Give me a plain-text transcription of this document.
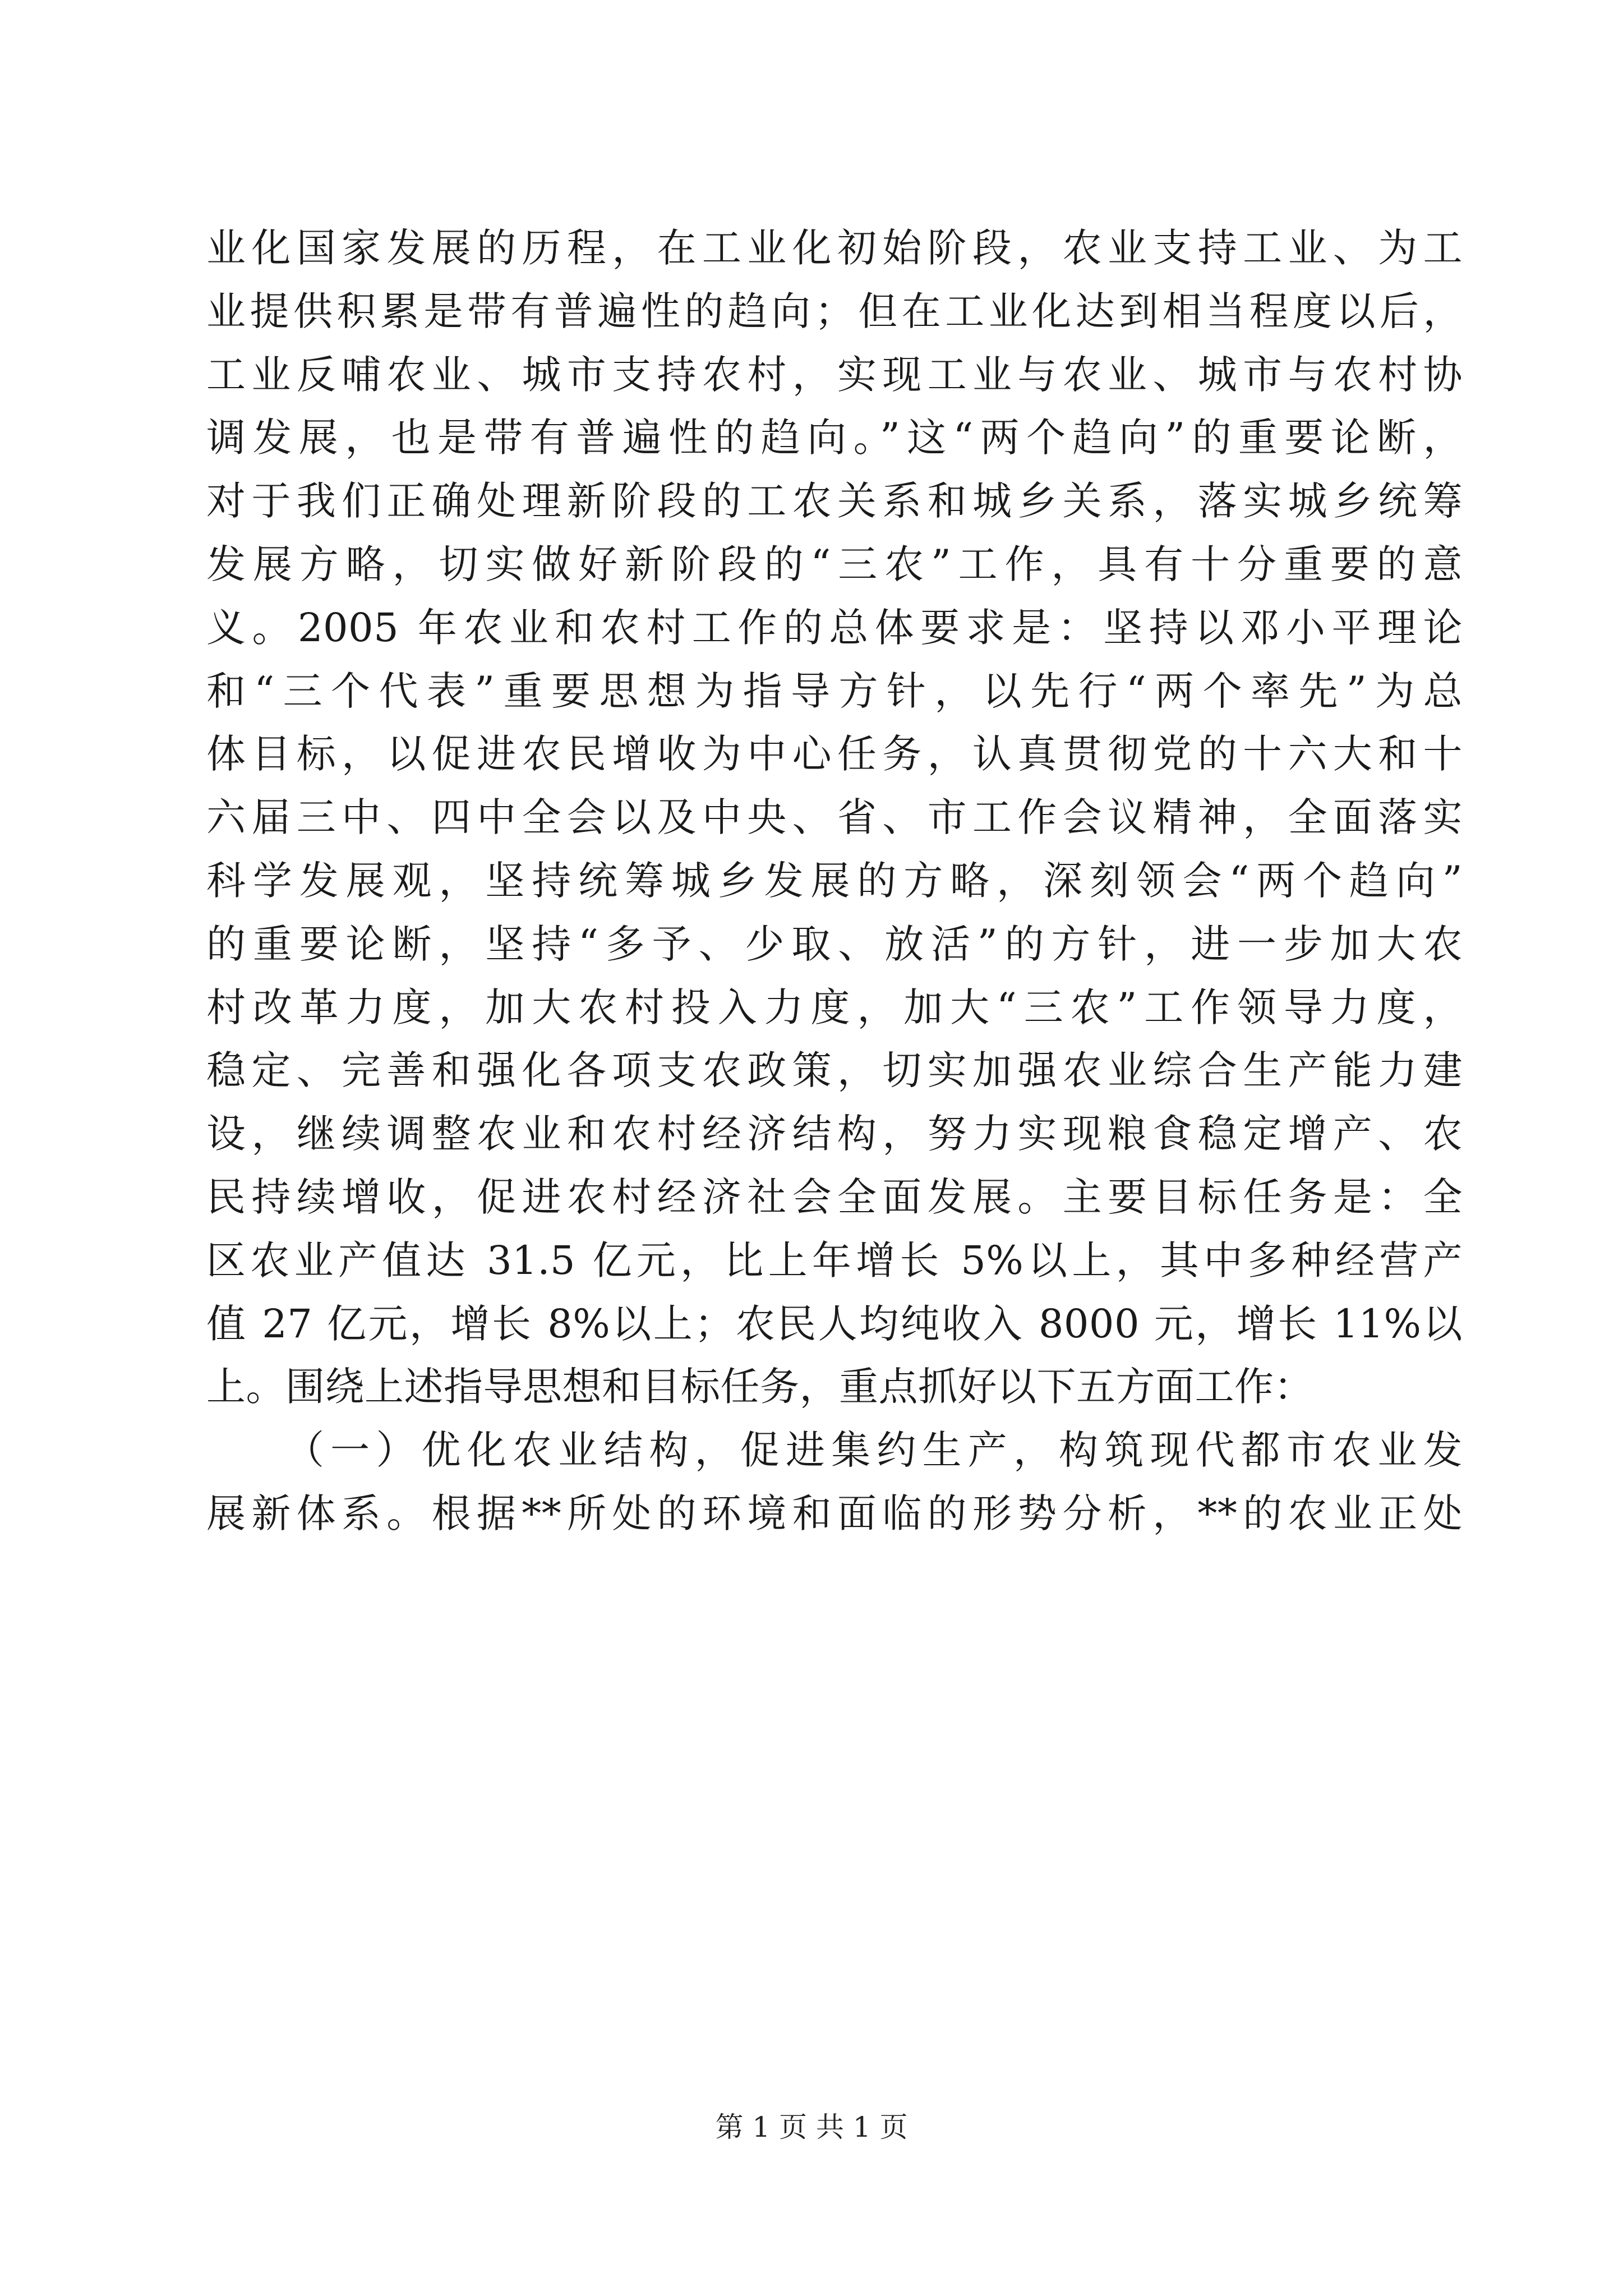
业化国家发展的历程，在工业化初始阶段，农业支持工业、为工
业提供积累是带有普遍性的趋向；但在工业化达到相当程度以后，
工业反哺农业、城市支持农村，实现工业与农业、城市与农村协
调发展，也是带有普遍性的趋向。”这“两个趋向”的重要论断，
对于我们正确处理新阶段的工农关系和城乡关系，落实城乡统筹
发展方略，切实做好新阶段的“三农”工作，具有十分重要的意
义。2005 年农业和农村工作的总体要求是：坚持以邓小平理论
和“三个代表”重要思想为指导方针，以先行“两个率先”为总
体目标，以促进农民增收为中心任务，认真贯彻党的十六大和十
六届三中、四中全会以及中央、省、市工作会议精神，全面落实
科学发展观，坚持统筹城乡发展的方略，深刻领会“两个趋向”
的重要论断，坚持“多予、少取、放活”的方针，进一步加大农
村改革力度，加大农村投入力度，加大“三农”工作领导力度，
稳定、完善和强化各项支农政策，切实加强农业综合生产能力建
设，继续调整农业和农村经济结构，努力实现粮食稳定增产、农
民持续增收，促进农村经济社会全面发展。主要目标任务是：全
区农业产值达 31.5 亿元，比上年增长 5%以上，其中多种经营产
值 27 亿元，增长 8%以上；农民人均纯收入 8000 元，增长 11%以
上。围绕上述指导思想和目标任务，重点抓好以下五方面工作：
（一）优化农业结构，促进集约生产，构筑现代都市农业发
展新体系。根据**所处的环境和面临的形势分析，**的农业正处
第 1 页 共 1 页
